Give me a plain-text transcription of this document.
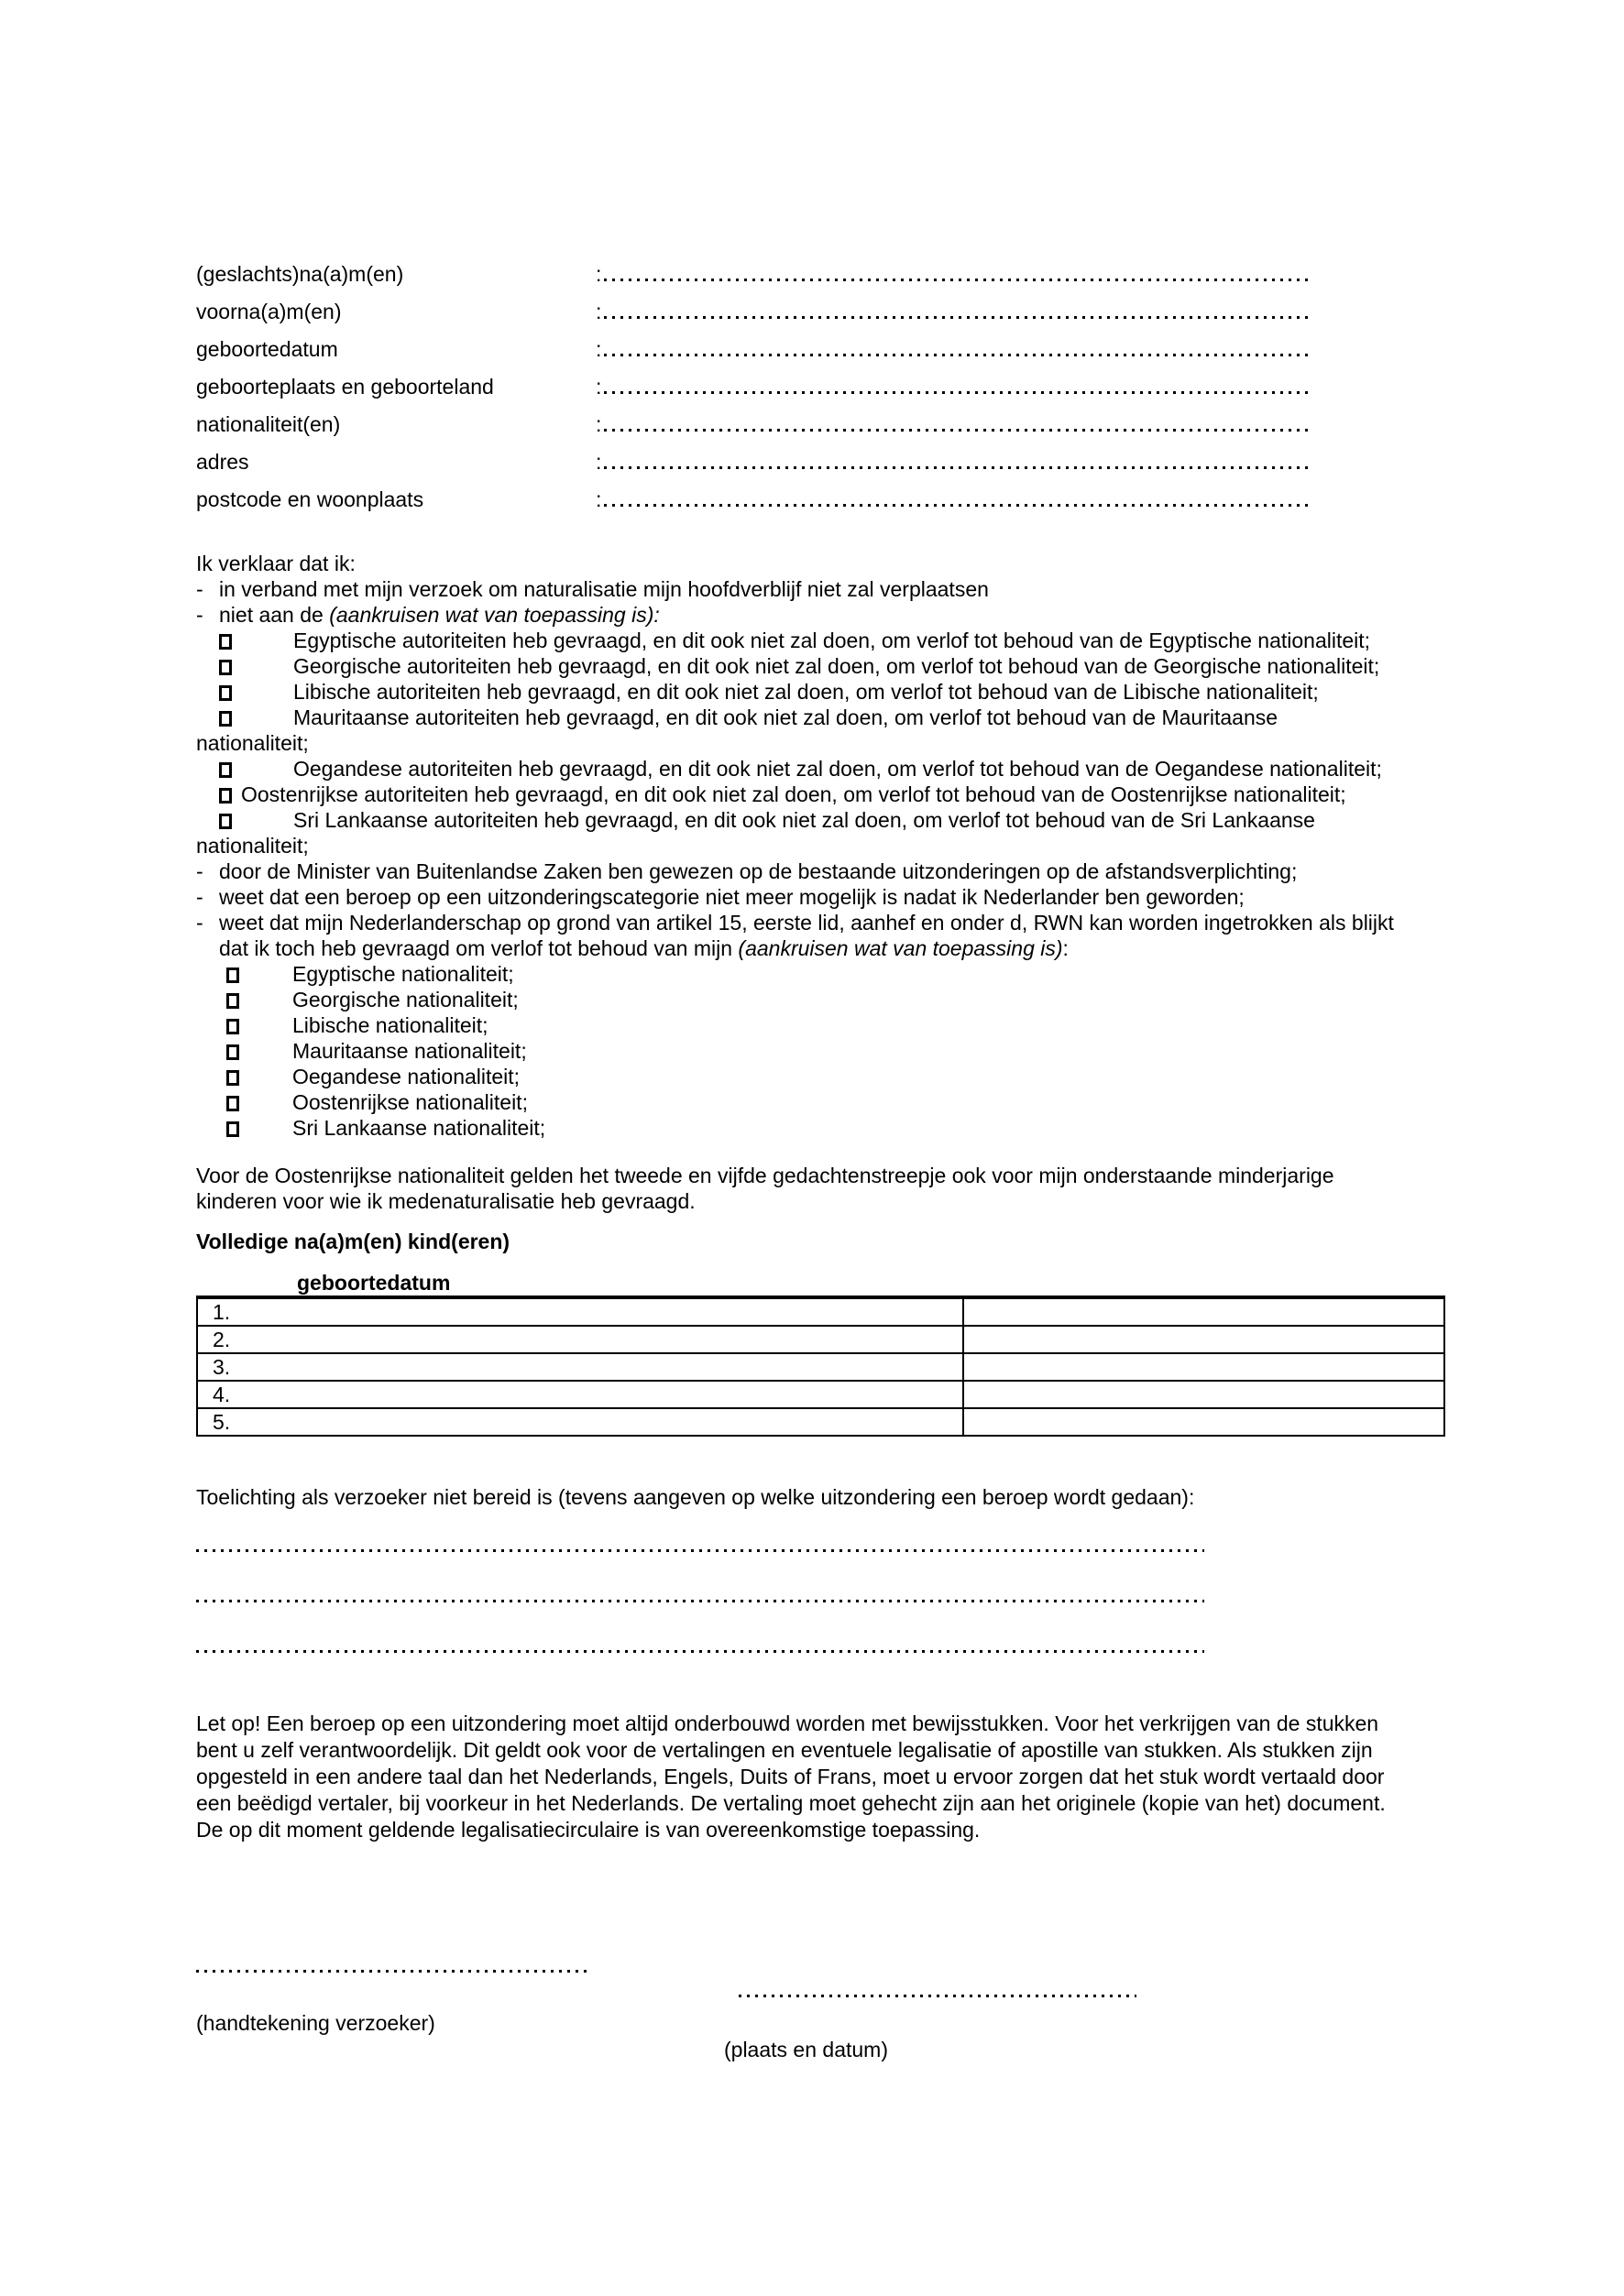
(geslachts)na(a)m(en)	:
voorna(a)m(en)	:
geboortedatum	:
geboorteplaats en geboorteland	:
nationaliteit(en)	:
adres	:
postcode en woonplaats	:
Ik verklaar dat ik:
- in verband met mijn verzoek om naturalisatie mijn hoofdverblijf niet zal verplaatsen
- niet aan de (aankruisen wat van toepassing is):
Egyptische autoriteiten heb gevraagd, en dit ook niet zal doen, om verlof tot behoud van de Egyptische nationaliteit;
Georgische autoriteiten heb gevraagd, en dit ook niet zal doen, om verlof tot behoud van de Georgische nationaliteit;
Libische autoriteiten heb gevraagd, en dit ook niet zal doen, om verlof tot behoud van de Libische nationaliteit;
Mauritaanse autoriteiten heb gevraagd, en dit ook niet zal doen, om verlof tot behoud van de Mauritaanse
nationaliteit;
Oegandese autoriteiten heb gevraagd, en dit ook niet zal doen, om verlof tot behoud van de Oegandese nationaliteit;
Oostenrijkse autoriteiten heb gevraagd, en dit ook niet zal doen, om verlof tot behoud van de Oostenrijkse nationaliteit;
Sri Lankaanse autoriteiten heb gevraagd, en dit ook niet zal doen, om verlof tot behoud van de Sri Lankaanse
nationaliteit;
- door de Minister van Buitenlandse Zaken ben gewezen op de bestaande uitzonderingen op de afstandsverplichting;
- weet dat een beroep op een uitzonderingscategorie niet meer mogelijk is nadat ik Nederlander ben geworden;
- weet dat mijn Nederlanderschap op grond van artikel 15, eerste lid, aanhef en onder d, RWN kan worden ingetrokken als blijkt
dat ik toch heb gevraagd om verlof tot behoud van mijn (aankruisen wat van toepassing is):
Egyptische nationaliteit;
Georgische nationaliteit;
Libische nationaliteit;
Mauritaanse nationaliteit;
Oegandese nationaliteit;
Oostenrijkse nationaliteit;
Sri Lankaanse nationaliteit;
Voor de Oostenrijkse nationaliteit gelden het tweede en vijfde gedachtenstreepje ook voor mijn onderstaande minderjarige
kinderen voor wie ik medenaturalisatie heb gevraagd.
Volledige na(a)m(en) kind(eren)
geboortedatum
1.	
2.	
3.	
4.	
5.	
Toelichting als verzoeker niet bereid is (tevens aangeven op welke uitzondering een beroep wordt gedaan):
Let op! Een beroep op een uitzondering moet altijd onderbouwd worden met bewijsstukken. Voor het verkrijgen van de stukken
bent u zelf verantwoordelijk. Dit geldt ook voor de vertalingen en eventuele legalisatie of apostille van stukken. Als stukken zijn
opgesteld in een andere taal dan het Nederlands, Engels, Duits of Frans, moet u ervoor zorgen dat het stuk wordt vertaald door
een beëdigd vertaler, bij voorkeur in het Nederlands. De vertaling moet gehecht zijn aan het originele (kopie van het) document.
De op dit moment geldende legalisatiecirculaire is van overeenkomstige toepassing.
(handtekening verzoeker)
(plaats en datum)
